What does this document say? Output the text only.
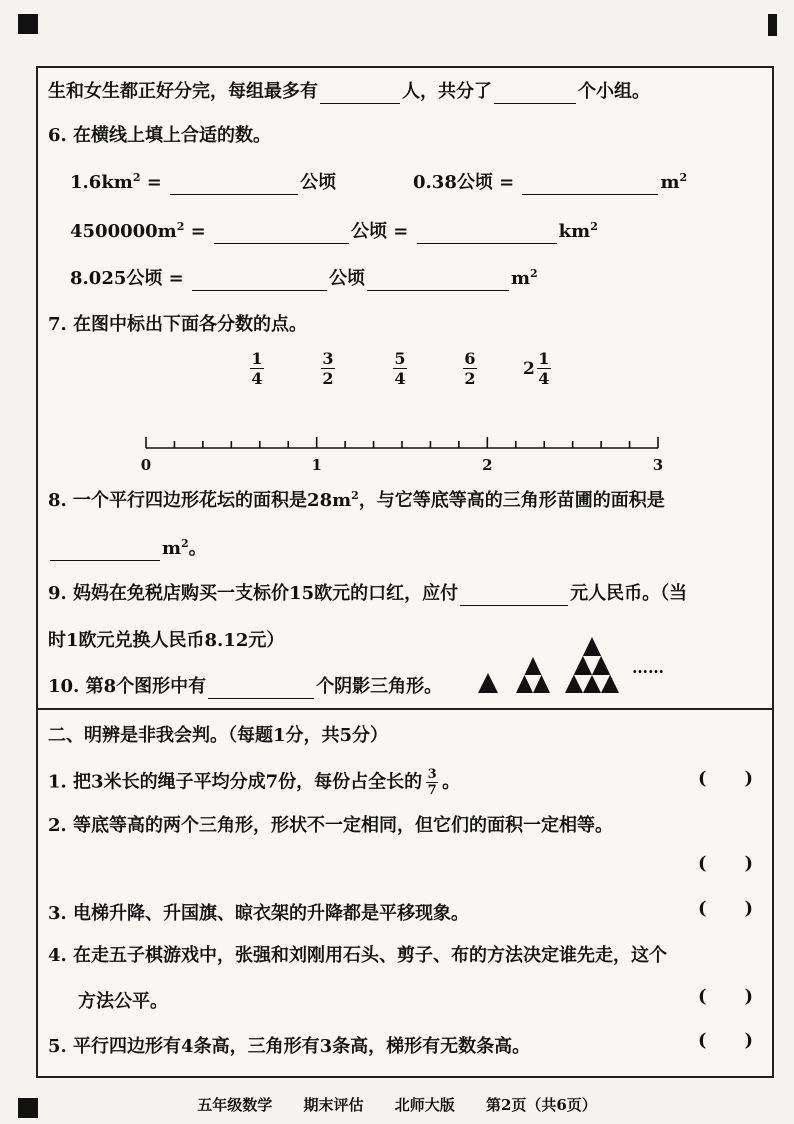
生和女生都正好分完，每组最多有	人，共分了	个小组。
6. 在横线上填上合适的数。
$1.6km^2$ =	公顷	0.38公顷 =	$m^2$
$4500000m^2$ =	公顷 =	$km^2$
8.025公顷 =	公顷	$m^2$
7. 在图中标出下面各分数的点。
1
4
3
2
5
4
6
2	2 1
4
0	1	2	3
8. 一个平行四边形花坛的面积是$28m^2$，与它等底等高的三角形苗圃的面积是
$m^2$。
9. 妈妈在免税店购买一支标价15欧元的口红，应付	元人民币。（当
时1欧元兑换人民币8.12元）
10. 第8个图形中有	个阴影三角形。
……
二、明辨是非我会判。（每题1分，共5分）
1. 把3米长的绳子平均分成7份，每份占全长的 $\frac{3}{7}$ 。	( )
2. 等底等高的两个三角形，形状不一定相同，但它们的面积一定相等。
( )
3. 电梯升降、升国旗、晾衣架的升降都是平移现象。	( )
4. 在走五子棋游戏中，张强和刘刚用石头、剪子、布的方法决定谁先走，这个
方法公平。	( )
5. 平行四边形有4条高，三角形有3条高，梯形有无数条高。	( )
五年级数学 期末评估 北师大版 第2页（共6页）
